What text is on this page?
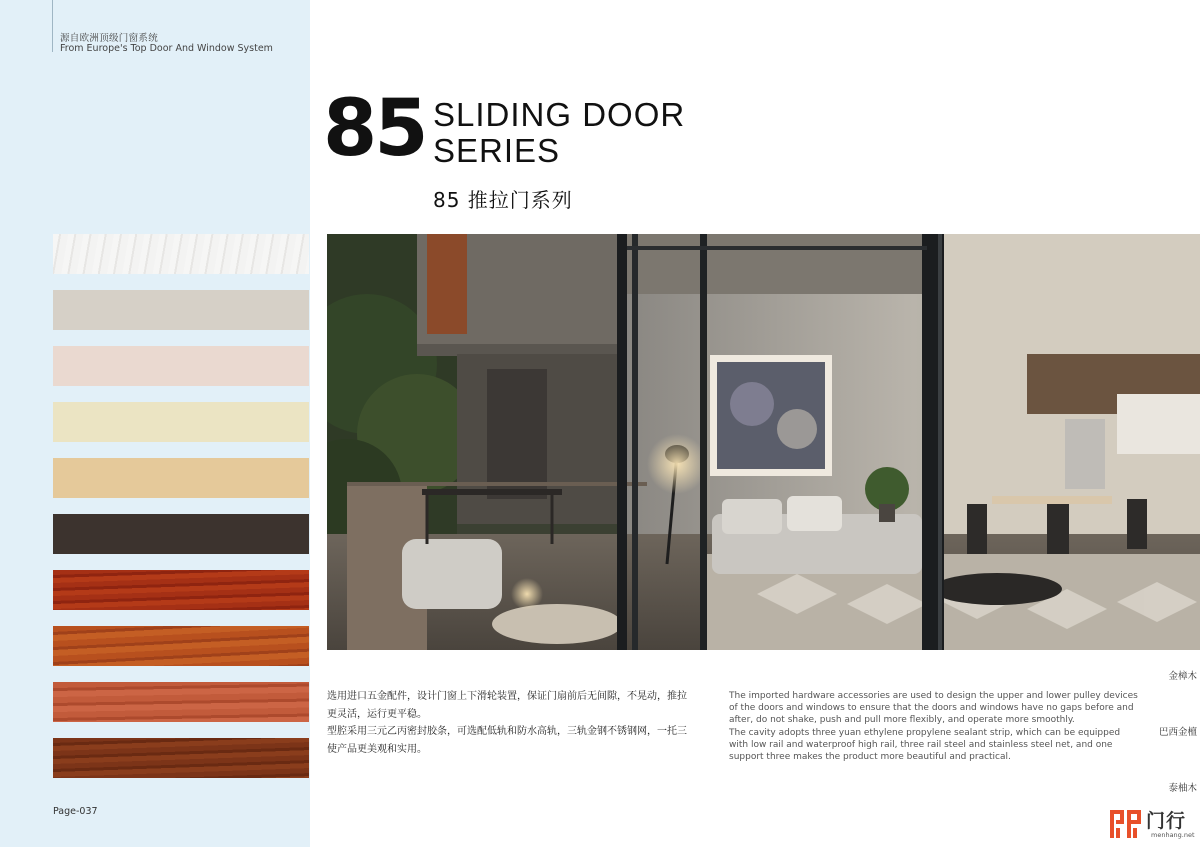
源自欧洲顶级门窗系统
From Europe's Top Door And Window System
金樟木
巴西金檀
泰柚木
Page-037
85 SLIDING DOOR
SERIES
85 推拉门系列
选用进口五金配件，设计门窗上下滑轮装置，保证门扇前后无间隙，不晃动，推拉更灵活，运行更平稳。
型腔采用三元乙丙密封胶条，可选配低轨和防水高轨，三轨金钢不锈钢网，一托三使产品更美观和实用。
The imported hardware accessories are used to design the upper and lower pulley devices of the doors and windows to ensure that the doors and windows have no gaps before and after, do not shake, push and pull more flexibly, and operate more smoothly.
The cavity adopts three yuan ethylene propylene sealant strip, which can be equipped with low rail and waterproof high rail, three rail steel and stainless steel net, and one support three makes the product more beautiful and practical.
门行
menhang.net
